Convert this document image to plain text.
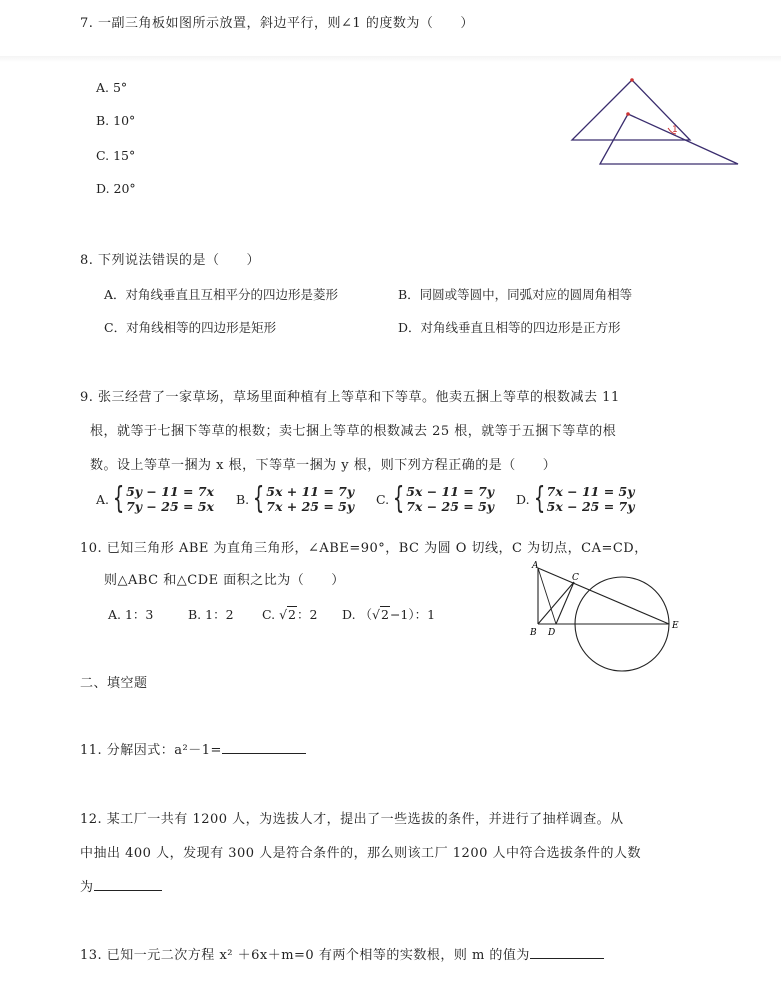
7. 一副三角板如图所示放置，斜边平行，则∠1 的度数为（　　）
A. 5°
B. 10°
C. 15°
D. 20°
1
8. 下列说法错误的是（　　）
A．对角线垂直且互相平分的四边形是菱形	B．同圆或等圆中，同弧对应的圆周角相等
C．对角线相等的四边形是矩形	D．对角线垂直且相等的四边形是正方形
9. 张三经营了一家草场，草场里面种植有上等草和下等草。他卖五捆上等草的根数减去 11
根，就等于七捆下等草的根数；卖七捆上等草的根数减去 25 根，就等于五捆下等草的根
数。设上等草一捆为 x 根，下等草一捆为 y 根，则下列方程正确的是（　　）
A. { 5y − 11 = 7x
7y − 25 = 5x B. { 5x + 11 = 7y
7x + 25 = 5y C. { 5x − 11 = 7y
7x − 25 = 5y D. { 7x − 11 = 5y
5x − 25 = 7y
10. 已知三角形 ABE 为直角三角形，∠ABE=90°，BC 为圆 O 切线，C 为切点，CA=CD，
则△ABC 和△CDE 面积之比为（　　）
A. 1：3	B. 1：2 C. √2：2 D. （√2−1）：1
A
C
B D
E
二、填空题
11. 分解因式：a²－1=
12. 某工厂一共有 1200 人，为选拔人才，提出了一些选拔的条件，并进行了抽样调查。从
中抽出 400 人，发现有 300 人是符合条件的，那么则该工厂 1200 人中符合选拔条件的人数
为
13. 已知一元二次方程 x² ＋6x＋m=0 有两个相等的实数根，则 m 的值为
